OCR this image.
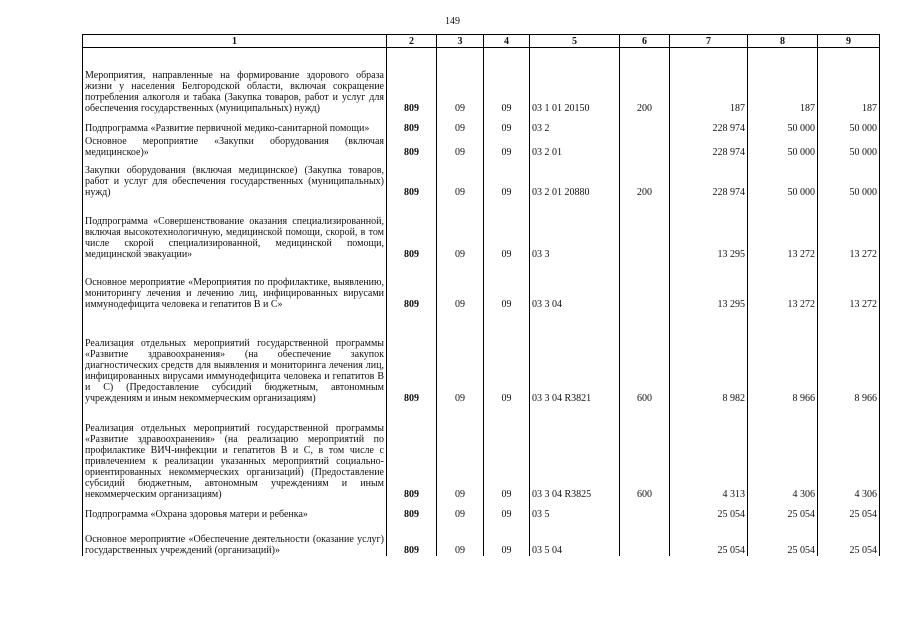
149
1	2	3	4	5	6	7	8	9

Мероприятия, направленные на формирование здорового образа жизни у населения Белгородской области, включая сокращение потребления алкоголя и табака (Закупка товаров, работ и услуг для обеспечения государственных (муниципальных) нужд)	809	09	09	03 1 01 20150	200	187	187	187

Подпрограмма «Развитие первичной медико-санитарной помощи»	809	09	09	03 2		228 974	50 000	50 000
Основное мероприятие «Закупки оборудования (включая медицинское)»	809	09	09	03 2 01		228 974	50 000	50 000
Закупки оборудования (включая медицинское) (Закупка товаров, работ и услуг для обеспечения государственных (муниципальных) нужд)	809	09	09	03 2 01 20880	200	228 974	50 000	50 000

Подпрограмма «Совершенствование оказания специализированной, включая высокотехнологичную, медицинской помощи, скорой, в том числе скорой специализированной, медицинской помощи, медицинской эвакуации»	809	09	09	03 3		13 295	13 272	13 272

Основное мероприятие «Мероприятия по профилактике, выявлению, мониторингу лечения и лечению лиц, инфицированных вирусами иммунодефицита человека и гепатитов В и С»	809	09	09	03 3 04		13 295	13 272	13 272

Реализация отдельных мероприятий государственной программы «Развитие здравоохранения» (на обеспечение закупок диагностических средств для выявления и мониторинга лечения лиц, инфицированных вирусами иммунодефицита человека и гепатитов В и С) (Предоставление субсидий бюджетным, автономным учреждениям и иным некоммерческим организациям)	809	09	09	03 3 04 R3821	600	8 982	8 966	8 966

Реализация отдельных мероприятий государственной программы «Развитие здравоохранения» (на реализацию мероприятий по профилактике ВИЧ-инфекции и гепатитов В и С, в том числе с привлечением к реализации указанных мероприятий социально-ориентированных некоммерческих организаций) (Предоставление субсидий бюджетным, автономным учреждениям и иным некоммерческим организациям)	809	09	09	03 3 04 R3825	600	4 313	4 306	4 306
Подпрограмма «Охрана здоровья матери и ребенка»	809	09	09	03 5		25 054	25 054	25 054

Основное мероприятие «Обеспечение деятельности (оказание услуг) государственных учреждений (организаций)»	809	09	09	03 5 04		25 054	25 054	25 054
